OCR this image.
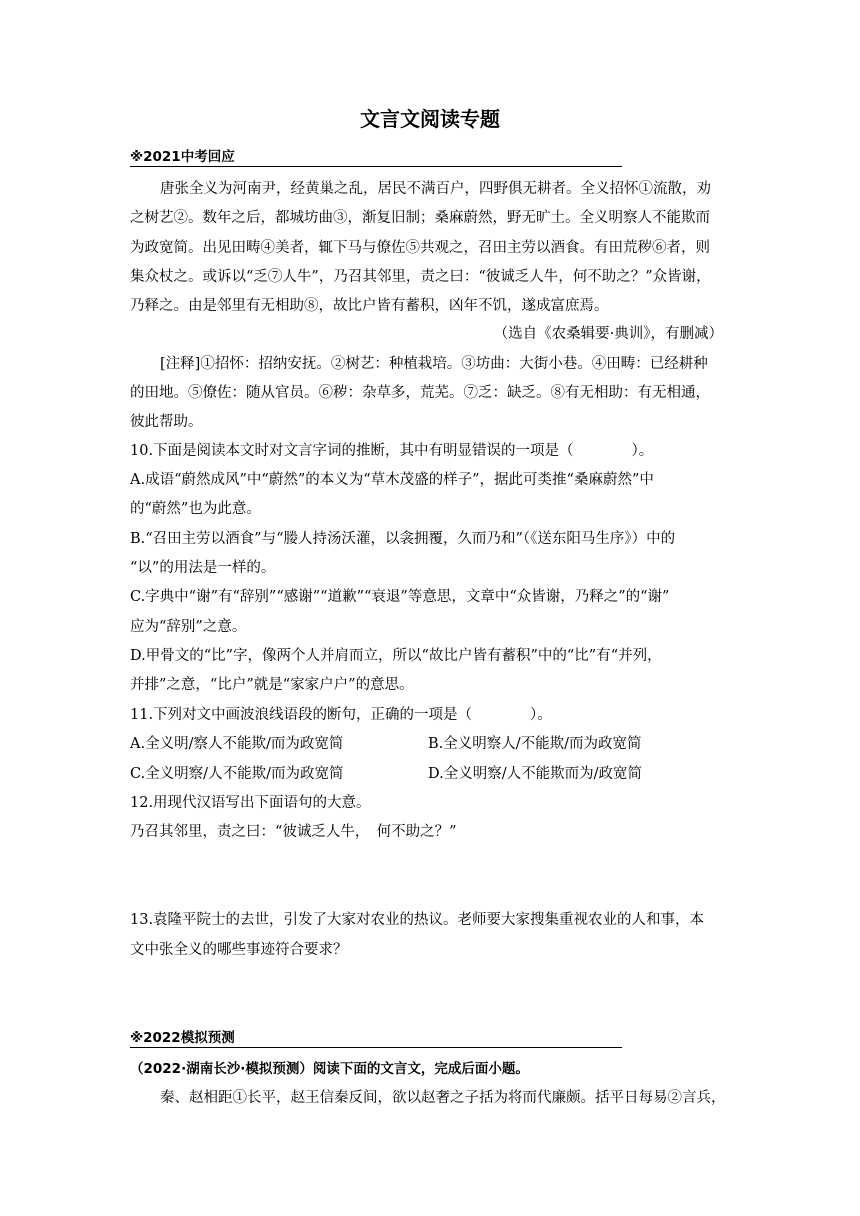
文言文阅读专题
※2021中考回应
唐张全义为河南尹，经黄巢之乱，居民不满百户，四野俱无耕者。全义招怀①流散，劝
之树艺②。数年之后，都城坊曲③，渐复旧制；桑麻蔚然，野无旷土。全义明察人不能欺而
为政宽简。出见田畴④美者，辄下马与僚佐⑤共观之，召田主劳以酒食。有田荒秽⑥者，则
集众杖之。或诉以“乏⑦人牛”，乃召其邻里，责之曰：“彼诚乏人牛，何不助之？”众皆谢，
乃释之。由是邻里有无相助⑧，故比户皆有蓄积，凶年不饥，遂成富庶焉。
（选自《农桑辑要·典训》，有删减）
[注释]①招怀：招纳安抚。②树艺：种植栽培。③坊曲：大街小巷。④田畴：已经耕种
的田地。⑤僚佐：随从官员。⑥秽：杂草多，荒芜。⑦乏：缺乏。⑧有无相助：有无相通，
彼此帮助。
10.下面是阅读本文时对文言字词的推断，其中有明显错误的一项是（　　　　）。
A.成语“蔚然成风”中“蔚然”的本义为“草木茂盛的样子”，据此可类推“桑麻蔚然”中
的“蔚然”也为此意。
B.“召田主劳以酒食”与“媵人持汤沃灌，以衾拥覆，久而乃和”（《送东阳马生序》）中的
“以”的用法是一样的。
C.字典中“谢”有“辞别”“感谢”“道歉”“衰退”等意思，文章中“众皆谢，乃释之”的“谢”
应为“辞别”之意。
D.甲骨文的“比”字，像两个人并肩而立，所以“故比户皆有蓄积”中的“比”有“并列，
并排”之意，“比户”就是“家家户户”的意思。
11.下列对文中画波浪线语段的断句，正确的一项是（　　　　）。
A.全义明/察人不能欺/而为政宽简	B.全义明察人/不能欺/而为政宽简
C.全义明察/人不能欺/而为政宽简	D.全义明察/人不能欺而为/政宽简
12.用现代汉语写出下面语句的大意。
乃召其邻里，责之曰：“彼诚乏人牛，　何不助之？”
13.袁隆平院士的去世，引发了大家对农业的热议。老师要大家搜集重视农业的人和事，本
文中张全义的哪些事迹符合要求？
※2022模拟预测
（2022·湖南长沙·模拟预测）阅读下面的文言文，完成后面小题。
秦、赵相距①长平，赵王信秦反间，欲以赵奢之子括为将而代廉颇。括平日每易②言兵，
